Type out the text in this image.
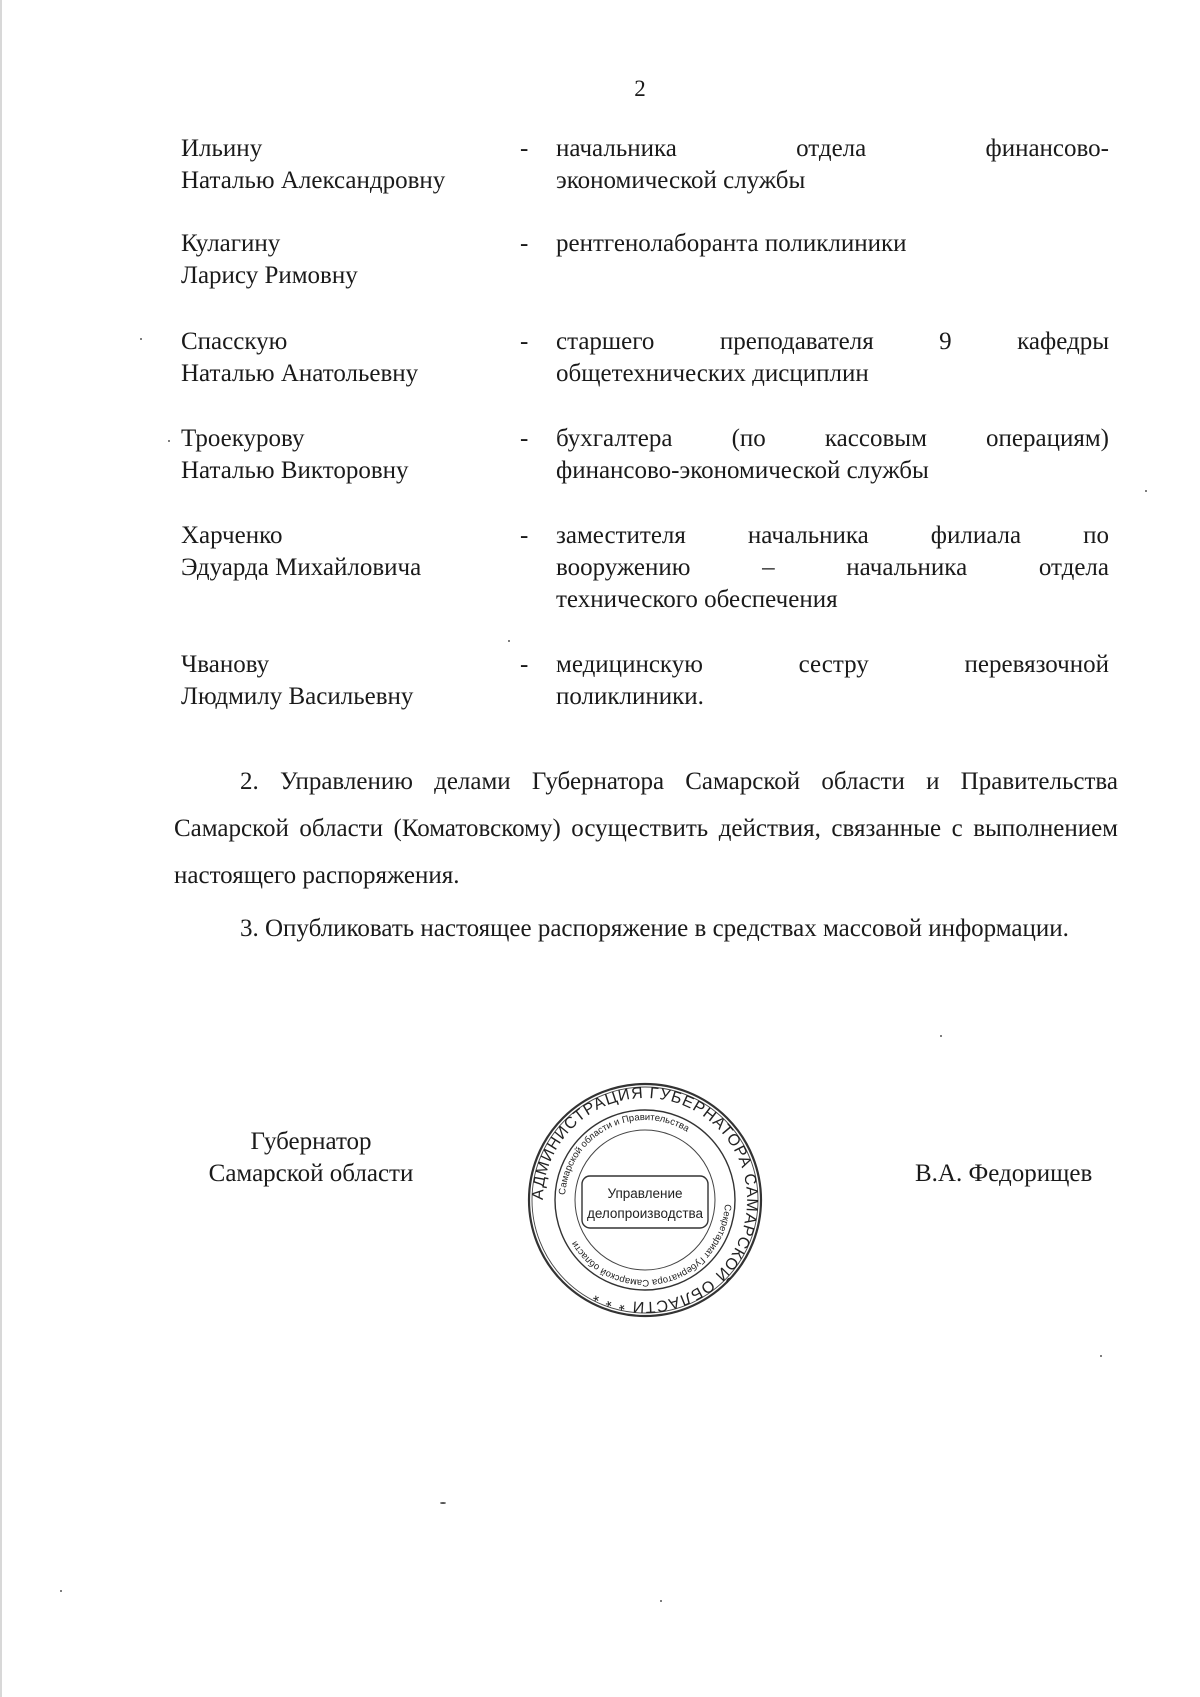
2
Ильину
Наталью Александровну
- начальника отдела финансово-
экономической службы
Кулагину
Ларису Римовну
- рентгенолаборанта поликлиники
Спасскую
Наталью Анатольевну
- старшего преподавателя 9 кафедры
общетехнических дисциплин
Троекурову
Наталью Викторовну
- бухгалтера (по кассовым операциям)
финансово-экономической службы
Харченко
Эдуарда Михайловича
- заместителя начальника филиала по
вооружению – начальника отдела
технического обеспечения
Чванову
Людмилу Васильевну
- медицинскую сестру перевязочной
поликлиники.

2. Управлению делами Губернатора Самарской области и Правительства Самарской области (Коматовскому) осуществить действия, связанные с выполнением настоящего распоряжения.

3. Опубликовать настоящее распоряжение в средствах массовой информации.

Губернатор
Самарской области
АДМИНИСТРАЦИЯ ГУБЕРНАТОРА САМАРСКОЙ ОБЛАСТИ * * *
Самарской области и Правительства
Секретариат Губернатора Самарской области
Управление
делопроизводства
В.А. Федорищев
